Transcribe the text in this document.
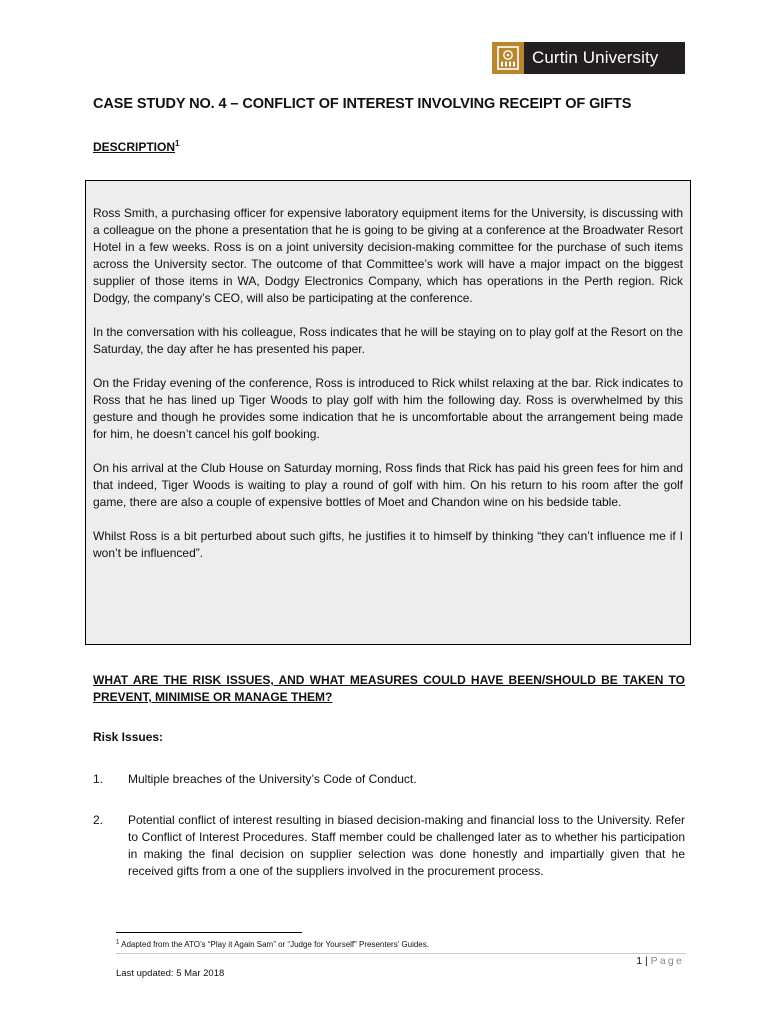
Curtin University
CASE STUDY NO. 4 – CONFLICT OF INTEREST INVOLVING RECEIPT OF GIFTS
DESCRIPTION$^1$

Ross Smith, a purchasing officer for expensive laboratory equipment items for the University, is discussing with a colleague on the phone a presentation that he is going to be giving at a conference at the Broadwater Resort Hotel in a few weeks. Ross is on a joint university decision-making committee for the purchase of such items across the University sector. The outcome of that Committee’s work will have a major impact on the biggest supplier of those items in WA, Dodgy Electronics Company, which has operations in the Perth region. Rick Dodgy, the company’s CEO, will also be participating at the conference.

In the conversation with his colleague, Ross indicates that he will be staying on to play golf at the Resort on the Saturday, the day after he has presented his paper.

On the Friday evening of the conference, Ross is introduced to Rick whilst relaxing at the bar. Rick indicates to Ross that he has lined up Tiger Woods to play golf with him the following day. Ross is overwhelmed by this gesture and though he provides some indication that he is uncomfortable about the arrangement being made for him, he doesn’t cancel his golf booking.

On his arrival at the Club House on Saturday morning, Ross finds that Rick has paid his green fees for him and that indeed, Tiger Woods is waiting to play a round of golf with him. On his return to his room after the golf game, there are also a couple of expensive bottles of Moet and Chandon wine on his bedside table.

Whilst Ross is a bit perturbed about such gifts, he justifies it to himself by thinking “they can’t influence me if I won’t be influenced”.

WHAT ARE THE RISK ISSUES, AND WHAT MEASURES COULD HAVE BEEN/SHOULD BE TAKEN TO PREVENT, MINIMISE OR MANAGE THEM?
Risk Issues:
1. Multiple breaches of the University’s Code of Conduct.
2. Potential conflict of interest resulting in biased decision-making and financial loss to the University. Refer to Conflict of Interest Procedures. Staff member could be challenged later as to whether his participation in making the final decision on supplier selection was done honestly and impartially given that he received gifts from a one of the suppliers involved in the procurement process.
$^1$ Adapted from the ATO’s “Play it Again Sam” or “Judge for Yourself” Presenters’ Guides.
1 | Page
Last updated: 5 Mar 2018
